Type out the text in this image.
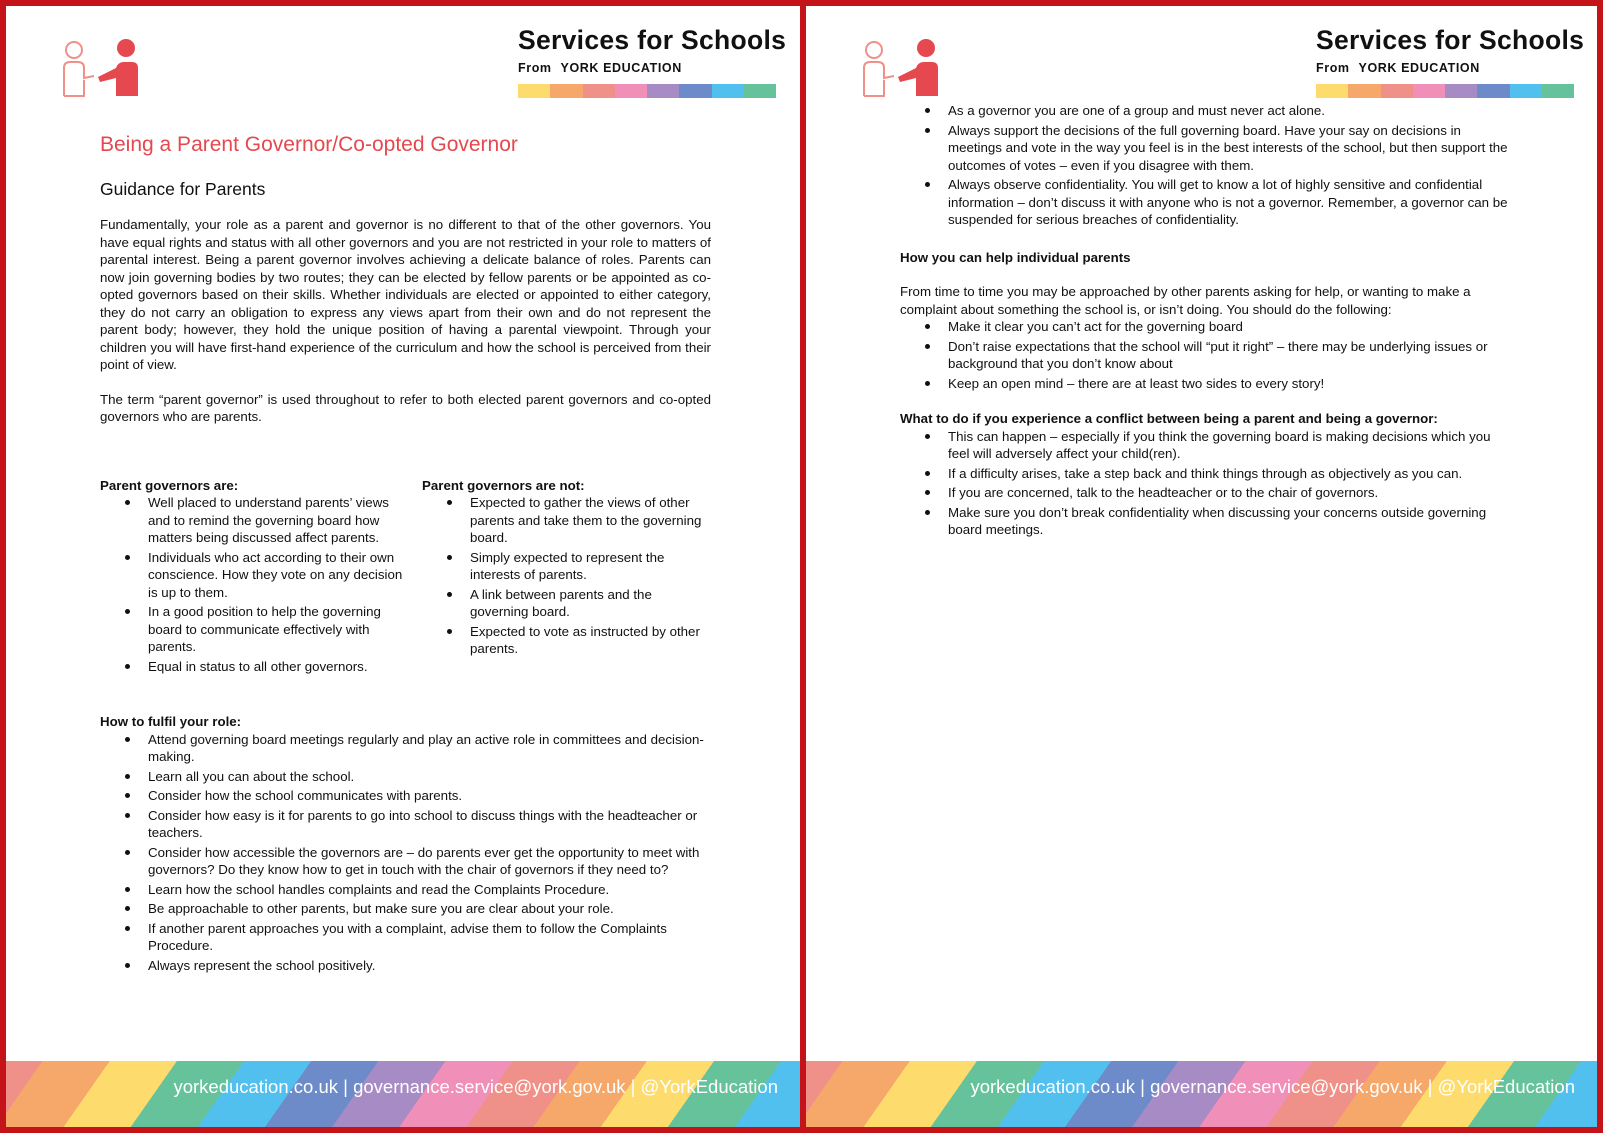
Services for Schools
From YORK EDUCATION
Being a Parent Governor/Co-opted Governor
Guidance for Parents

Fundamentally, your role as a parent and governor is no different to that of the other governors. You have equal rights and status with all other governors and you are not restricted in your role to matters of parental interest. Being a parent governor involves achieving a delicate balance of roles. Parents can now join governing bodies by two routes; they can be elected by fellow parents or be appointed as co-opted governors based on their skills. Whether individuals are elected or appointed to either category, they do not carry an obligation to express any views apart from their own and do not represent the parent body; however, they hold the unique position of having a parental viewpoint. Through your children you will have first-hand experience of the curriculum and how the school is perceived from their point of view.

The term “parent governor” is used throughout to refer to both elected parent governors and co-opted governors who are parents.

Parent governors are:
Well placed to understand parents’ views and to remind the governing board how matters being discussed affect parents.
Individuals who act according to their own conscience. How they vote on any decision is up to them.
In a good position to help the governing board to communicate effectively with parents.
Equal in status to all other governors.
Parent governors are not:
Expected to gather the views of other parents and take them to the governing board.
Simply expected to represent the interests of parents.
A link between parents and the governing board.
Expected to vote as instructed by other parents.
How to fulfil your role:
Attend governing board meetings regularly and play an active role in committees and decision-making.
Learn all you can about the school.
Consider how the school communicates with parents.
Consider how easy is it for parents to go into school to discuss things with the headteacher or teachers.
Consider how accessible the governors are – do parents ever get the opportunity to meet with governors? Do they know how to get in touch with the chair of governors if they need to?
Learn how the school handles complaints and read the Complaints Procedure.
Be approachable to other parents, but make sure you are clear about your role.
If another parent approaches you with a complaint, advise them to follow the Complaints Procedure.
Always represent the school positively.
yorkeducation.co.uk | governance.service@york.gov.uk | @YorkEducation
Services for Schools
From YORK EDUCATION
As a governor you are one of a group and must never act alone.
Always support the decisions of the full governing board. Have your say on decisions in meetings and vote in the way you feel is in the best interests of the school, but then support the outcomes of votes – even if you disagree with them.
Always observe confidentiality. You will get to know a lot of highly sensitive and confidential information – don’t discuss it with anyone who is not a governor. Remember, a governor can be suspended for serious breaches of confidentiality.
How you can help individual parents

From time to time you may be approached by other parents asking for help, or wanting to make a complaint about something the school is, or isn’t doing. You should do the following:

Make it clear you can’t act for the governing board
Don’t raise expectations that the school will “put it right” – there may be underlying issues or background that you don’t know about
Keep an open mind – there are at least two sides to every story!
What to do if you experience a conflict between being a parent and being a governor:
This can happen – especially if you think the governing board is making decisions which you feel will adversely affect your child(ren).
If a difficulty arises, take a step back and think things through as objectively as you can.
If you are concerned, talk to the headteacher or to the chair of governors.
Make sure you don’t break confidentiality when discussing your concerns outside governing board meetings.
yorkeducation.co.uk | governance.service@york.gov.uk | @YorkEducation
